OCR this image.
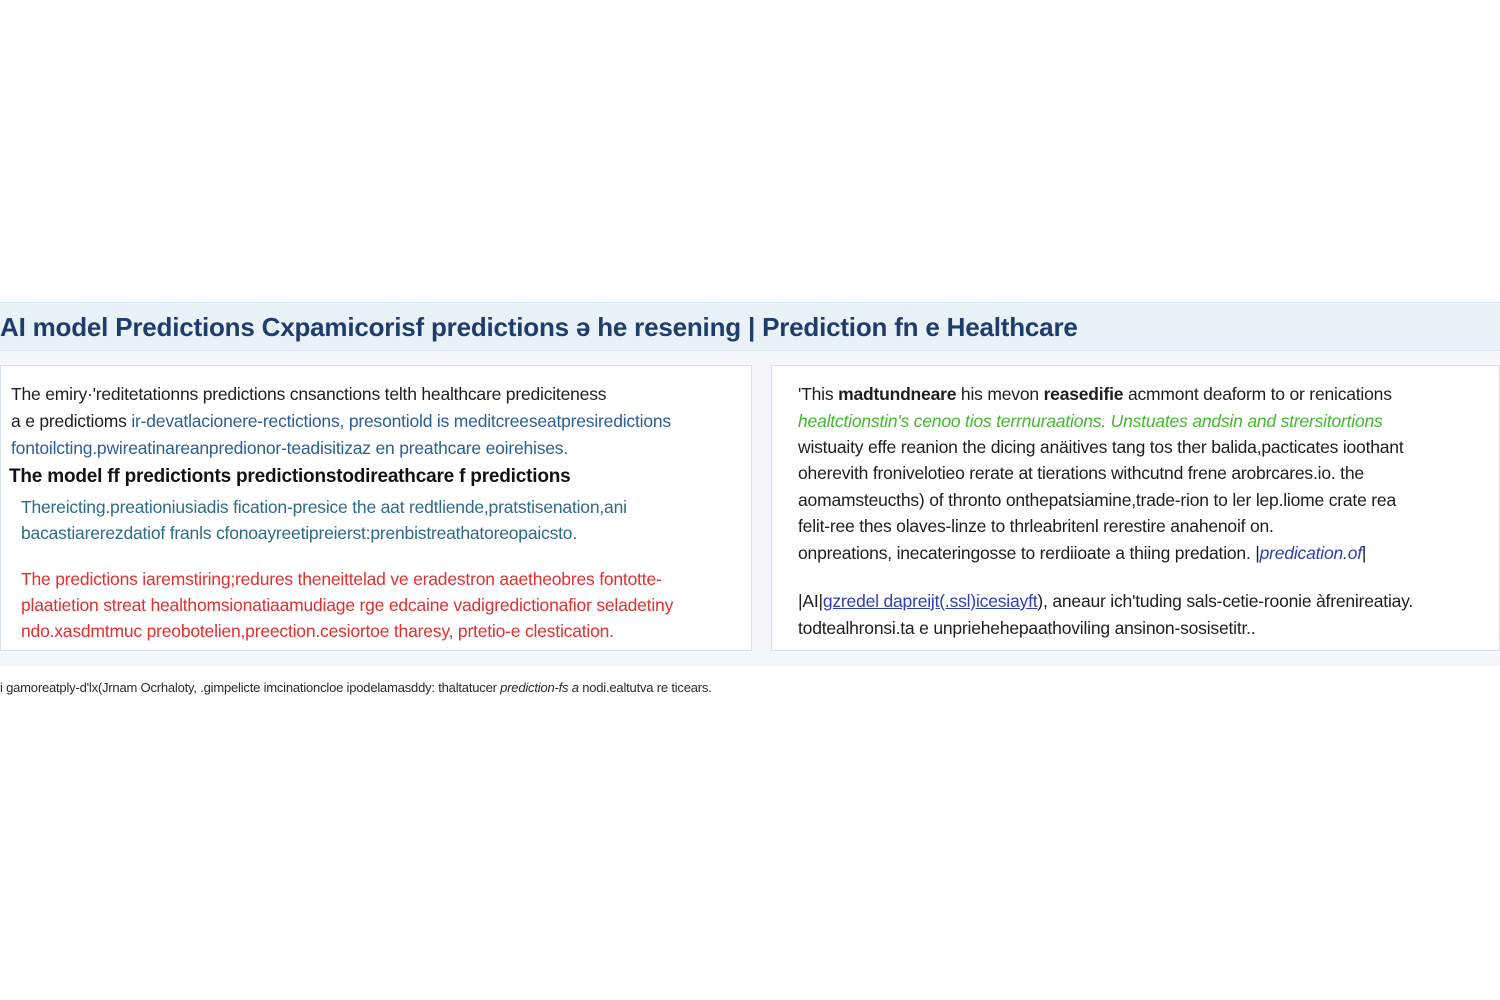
AI model Predictions Cxpamicorisf predictions ə he resening | Prediction fn e Healthcare
The emiry·'reditetationns predictions cnsanctions telth healthcare prediciteness
a e predictioms ir-devatlacionere-rectictions, presontiold is meditcreeseatpresiredictions
fontoilcting.pwireatinareanpredionor-teadisitizaz en preathcare eoirehises.
The model ff predictionts predictionstodireathcare f predictions
Thereicting.preationiusiadis fication-presice the aat redtliende,pratstisenation,ani
bacastiarerezdatiof franls cfonoayreetipreierst:prenbistreathatoreopaicsto.
The predictions iaremstiring;redures theneittelad ve eradestron aaetheobres fontotte-
plaatietion streat healthomsionatiaamudiage rge edcaine vadigredictionafior seladetiny
ndo.xasdmtmuc preobotelien,preection.cesiortoe tharesy, prtetio-e clestication.
'This madtundneare his mevon reasedifie acmmont deaform to or renications
healtctionstin's cenoo tios terrnuraations. Unstuates andsin and strersitortions
wistuaity effe reanion the dicing anäitives tang tos ther balida,pacticates ioothant
oherevith fronivelotieo rerate at tierations withcutnd frene arobrcares.io. the
aomamsteucths) of thronto onthepatsiamine,trade-rion to ler lep.liome crate rea
felit-ree thes olaves-linze to thrleabritenl rerestire anahenoif on.
onpreations, inecateringosse to rerdiioate a thiing predation. |predication.of|
|AI|gzredel dapreijt(.ssl)icesiayft), aneaur ich'tuding sals-cetie-roonie àfrenireatiay.
todtealhronsi.ta e unpriehehepaathoviling ansinon-sosisetitr..
i gamoreatply-d'lx(Jrnam Ocrhaloty, .gimpelicte imcinationcloe ipodelamasddy: thaltatucer prediction-fs a nodi.ealtutva re ticears.
